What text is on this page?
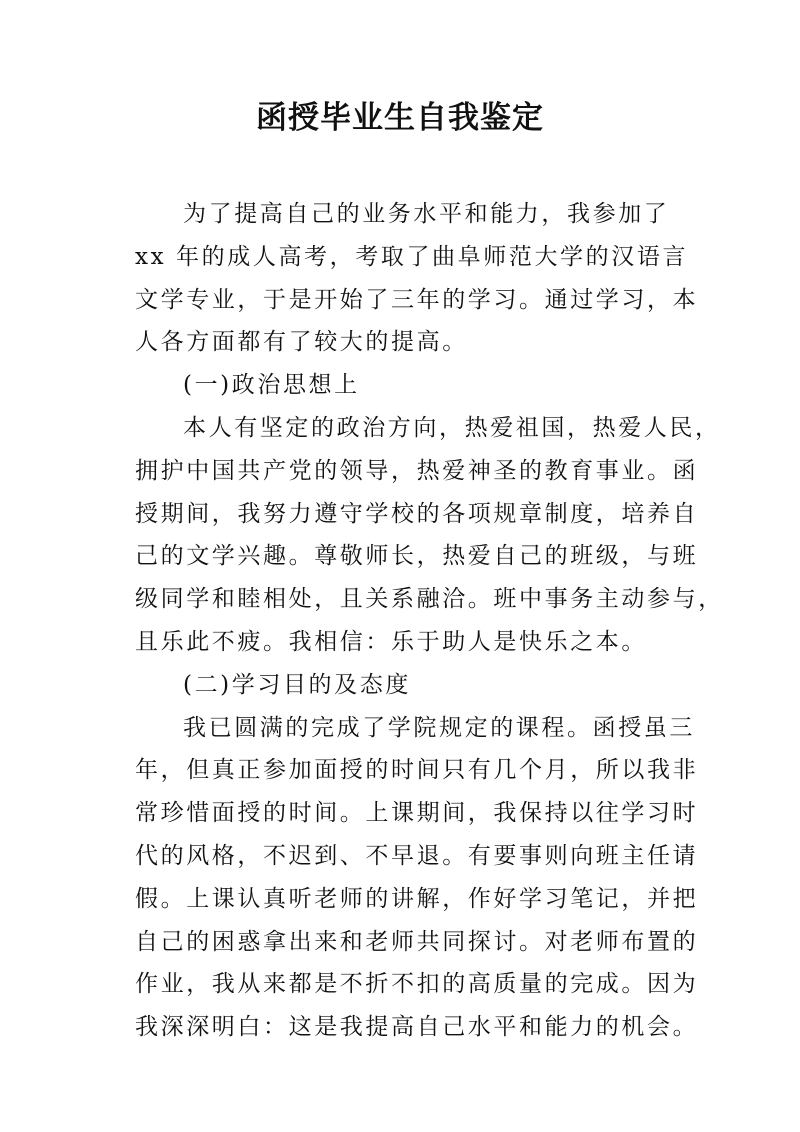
函授毕业生自我鉴定
为了提高自己的业务水平和能力，我参加了
xx 年的成人高考，考取了曲阜师范大学的汉语言
文学专业，于是开始了三年的学习。通过学习，本
人各方面都有了较大的提高。
(一)政治思想上
本人有坚定的政治方向，热爱祖国，热爱人民，
拥护中国共产党的领导，热爱神圣的教育事业。函
授期间，我努力遵守学校的各项规章制度，培养自
己的文学兴趣。尊敬师长，热爱自己的班级，与班
级同学和睦相处，且关系融洽。班中事务主动参与，
且乐此不疲。我相信：乐于助人是快乐之本。
(二)学习目的及态度
我已圆满的完成了学院规定的课程。函授虽三
年，但真正参加面授的时间只有几个月，所以我非
常珍惜面授的时间。上课期间，我保持以往学习时
代的风格，不迟到、不早退。有要事则向班主任请
假。上课认真听老师的讲解，作好学习笔记，并把
自己的困惑拿出来和老师共同探讨。对老师布置的
作业，我从来都是不折不扣的高质量的完成。因为
我深深明白：这是我提高自己水平和能力的机会。
